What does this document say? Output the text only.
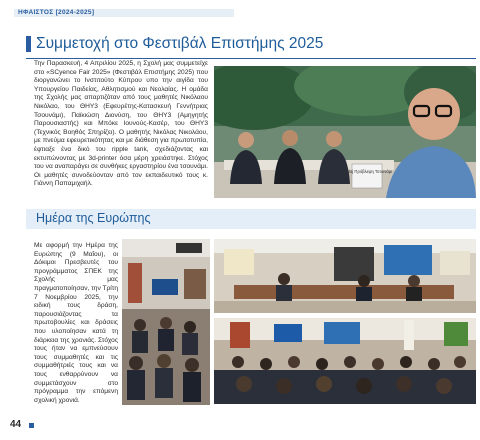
ΗΦΑΙΣΤΟΣ [2024-2025]
Συμμετοχή στο Φεστιβάλ Επιστήμης 2025
Την Παρασκευή, 4 Απριλίου 2025, η Σχολή μας συμμετείχε στο «SCyence Fair 2025» (Φεστιβάλ Επιστήμης 2025) που διοργανώνει το Ινστιτούτο Κύπρου υπο την αιγίδα του Υπουργείου Παιδείας, Αθλητισμού και Νεολαίας. Η ομάδα της Σχολής μας απαρτιζόταν από τους μαθητές Νικόλαου Νικόλαο, του ΘΗΥ3 (Εφευρέτης-Κατασκευή Γεννήτριας Τσουνάμι), Παϊκιώση Διονύση, του ΘΗΥ3 (Αμηγητής Παρουσιαστής) και Μπόκε Ιουνούς-Κασέρ, του ΘΗΥ3 (Τεχνικός Βοηθός Σπηρίζει). Ο μαθητής Νικόλας Νικολάου, με πνεύμα εφευρετικότητας και με διάθεση για πρωτοτυπία, έφτιαξε ένα δικό του ripple tank, σχεδιάζοντας και εκτυπώνοντας με 3d-printer όσα μέρη χρειάστηκε. Στόχος του να αναπαράγει σε συνθήκες εργαστηρίου ένα τσουνάμι. Οι μαθητές συνοδεύονταν από τον εκπαιδευτικό τους κ. Γιάννη Παπαμιχαήλ.
Σχολή Πρόβλεψη Τσουνάμι
Ημέρα της Ευρώπης
Με αφορμή την Ημέρα της Ευρώπης (9 Μαΐου), οι Δόκιμοι Πρεσβευτές του προγράμματος ΣΠΕΚ της Σχολής μας πραγματοποίησαν, την Τρίτη 7 Νοεμβρίου 2025, την ειδική τους δράση, παρουσιάζοντας τα πρωτοβουλίες και δράσεις που υλοποίησαν κατά τη διάρκεια της χρονιάς. Στόχος τους ήταν να εμπνεύσουν τους συμμαθητές και τις συμμαθήτριές τους και να τους ενθαρρύνουν να συμμετάσχουν στο πρόγραμμα την επόμενη σχολική χρονιά.
44
